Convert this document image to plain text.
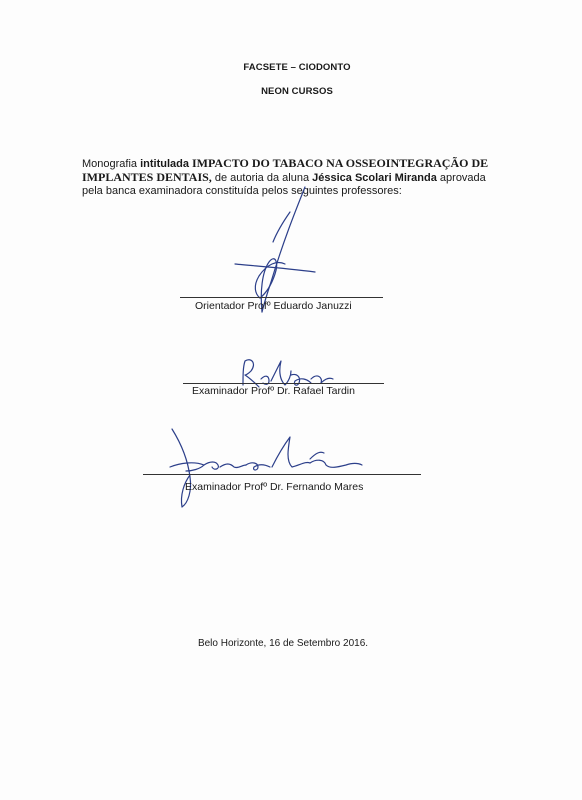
FACSETE – CIODONTO
NEON CURSOS
Monografia intitulada IMPACTO DO TABACO NA OSSEOINTEGRAÇÃO DE IMPLANTES DENTAIS, de autoria da aluna Jéssica Scolari Miranda aprovada pela banca examinadora constituída pelos seguintes professores:
Orientador Profº Eduardo Januzzi
Examinador Profº Dr. Rafael Tardin
Examinador Profº Dr. Fernando Mares
Belo Horizonte, 16 de Setembro 2016.
